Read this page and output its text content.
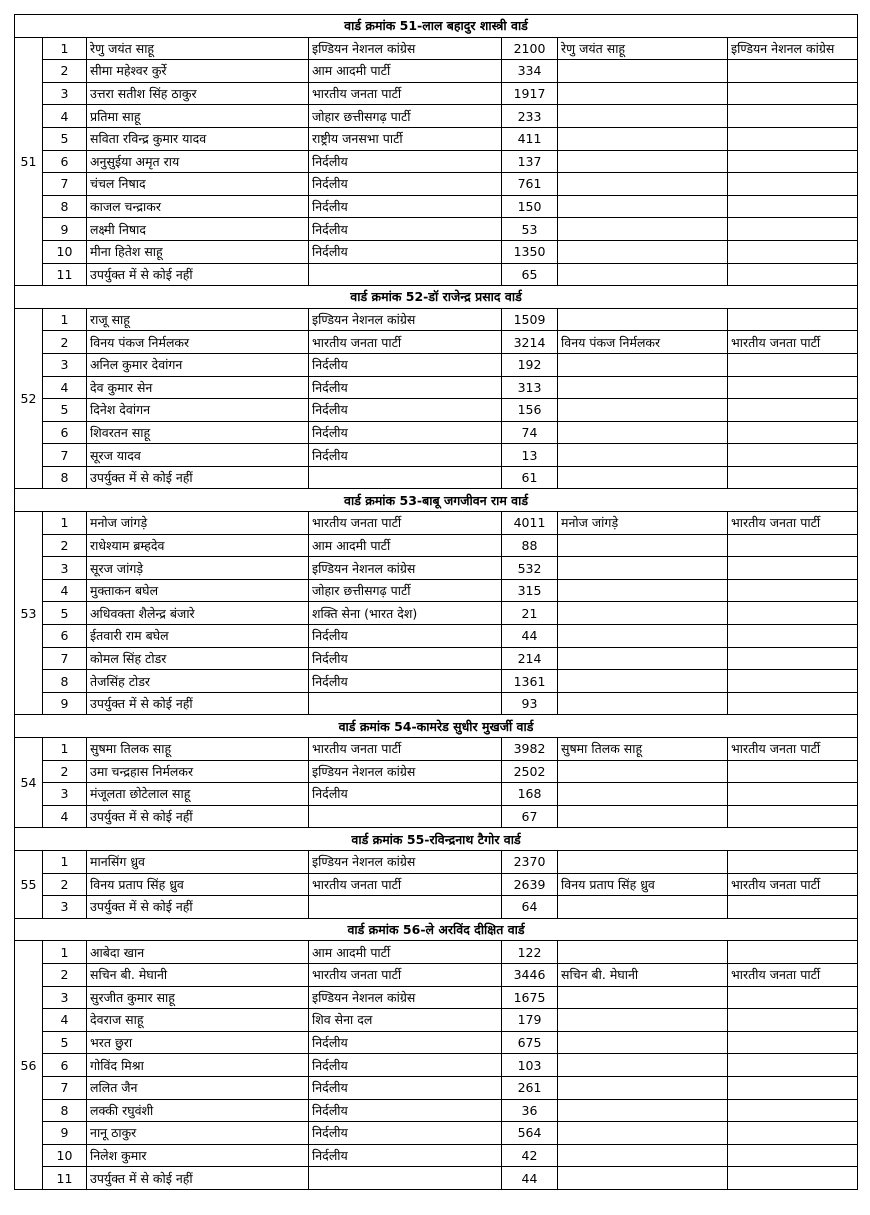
वार्ड क्रमांक 51-लाल बहादुर शास्त्री वार्ड						
51	1	रेणु जयंत साहू	इण्डियन नेशनल कांग्रेस	2100	रेणु जयंत साहू	इण्डियन नेशनल कांग्रेस
	2	सीमा महेश्वर कुर्रे	आम आदमी पार्टी	334		
	3	उत्तरा सतीश सिंह ठाकुर	भारतीय जनता पार्टी	1917		
	4	प्रतिमा साहू	जोहार छत्तीसगढ़ पार्टी	233		
	5	सविता रविन्द्र कुमार यादव	राष्ट्रीय जनसभा पार्टी	411		
	6	अनुसुईया अमृत राय	निर्दलीय	137		
	7	चंचल निषाद	निर्दलीय	761		
	8	काजल चन्द्राकर	निर्दलीय	150		
	9	लक्ष्मी निषाद	निर्दलीय	53		
	10	मीना हितेश साहू	निर्दलीय	1350		
	11	उपर्युक्त में से कोई नहीं		65		
वार्ड क्रमांक 52-डॉ राजेन्द्र प्रसाद वार्ड						
52	1	राजू साहू	इण्डियन नेशनल कांग्रेस	1509		
	2	विनय पंकज निर्मलकर	भारतीय जनता पार्टी	3214	विनय पंकज निर्मलकर	भारतीय जनता पार्टी
	3	अनिल कुमार देवांगन	निर्दलीय	192		
	4	देव कुमार सेन	निर्दलीय	313		
	5	दिनेश देवांगन	निर्दलीय	156		
	6	शिवरतन साहू	निर्दलीय	74		
	7	सूरज यादव	निर्दलीय	13		
	8	उपर्युक्त में से कोई नहीं		61		
वार्ड क्रमांक 53-बाबू जगजीवन राम वार्ड						
53	1	मनोज जांगड़े	भारतीय जनता पार्टी	4011	मनोज जांगड़े	भारतीय जनता पार्टी
	2	राधेश्याम ब्रम्हदेव	आम आदमी पार्टी	88		
	3	सूरज जांगड़े	इण्डियन नेशनल कांग्रेस	532		
	4	मुक्ताकन बघेल	जोहार छत्तीसगढ़ पार्टी	315		
	5	अधिवक्ता शैलेन्द्र बंजारे	शक्ति सेना (भारत देश)	21		
	6	ईतवारी राम बघेल	निर्दलीय	44		
	7	कोमल सिंह टोडर	निर्दलीय	214		
	8	तेजसिंह टोडर	निर्दलीय	1361		
	9	उपर्युक्त में से कोई नहीं		93		
वार्ड क्रमांक 54-कामरेड सुधीर मुखर्जी वार्ड						
54	1	सुषमा तिलक साहू	भारतीय जनता पार्टी	3982	सुषमा तिलक साहू	भारतीय जनता पार्टी
	2	उमा चन्द्रहास निर्मलकर	इण्डियन नेशनल कांग्रेस	2502		
	3	मंजूलता छोटेलाल साहू	निर्दलीय	168		
	4	उपर्युक्त में से कोई नहीं		67		
वार्ड क्रमांक 55-रविन्द्रनाथ टैगोर वार्ड						
55	1	मानसिंग ध्रुव	इण्डियन नेशनल कांग्रेस	2370		
	2	विनय प्रताप सिंह ध्रुव	भारतीय जनता पार्टी	2639	विनय प्रताप सिंह ध्रुव	भारतीय जनता पार्टी
	3	उपर्युक्त में से कोई नहीं		64		
वार्ड क्रमांक 56-ले अरविंद दीक्षित वार्ड						
56	1	आबेदा खान	आम आदमी पार्टी	122		
	2	सचिन बी. मेघानी	भारतीय जनता पार्टी	3446	सचिन बी. मेघानी	भारतीय जनता पार्टी
	3	सुरजीत कुमार साहू	इण्डियन नेशनल कांग्रेस	1675		
	4	देवराज साहू	शिव सेना दल	179		
	5	भरत छुरा	निर्दलीय	675		
	6	गोविंद मिश्रा	निर्दलीय	103		
	7	ललित जैन	निर्दलीय	261		
	8	लक्की रघुवंशी	निर्दलीय	36		
	9	नानू ठाकुर	निर्दलीय	564		
	10	निलेश कुमार	निर्दलीय	42		
	11	उपर्युक्त में से कोई नहीं		44		
